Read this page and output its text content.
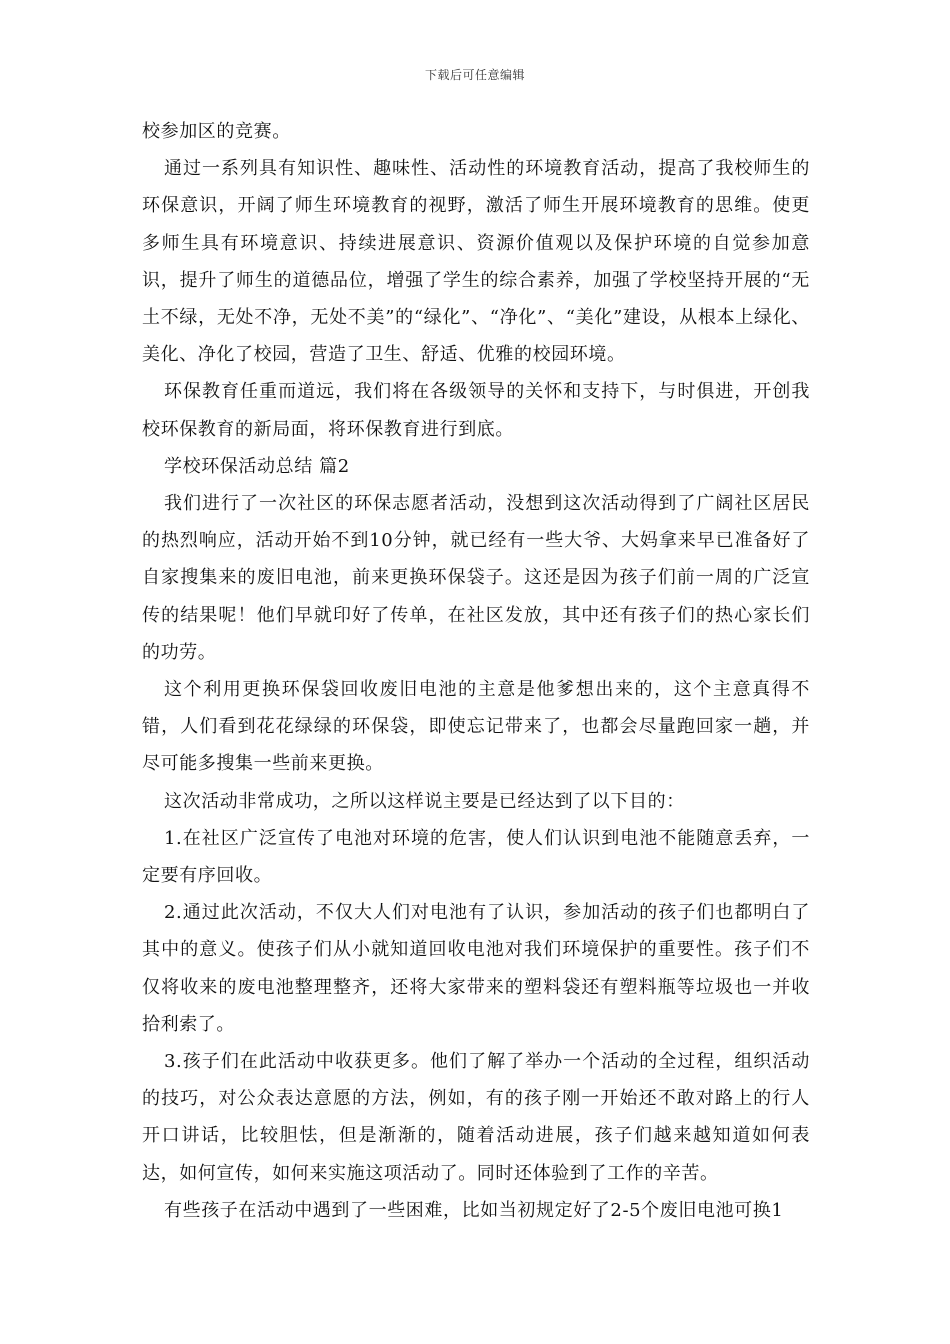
下载后可任意编辑

校参加区的竞赛。

通过一系列具有知识性、趣味性、活动性的环境教育活动，提高了我校师生的环保意识，开阔了师生环境教育的视野，激活了师生开展环境教育的思维。使更多师生具有环境意识、持续进展意识、资源价值观以及保护环境的自觉参加意识，提升了师生的道德品位，增强了学生的综合素养，加强了学校坚持开展的“无土不绿，无处不净，无处不美”的“绿化”、“净化”、“美化”建设，从根本上绿化、美化、净化了校园，营造了卫生、舒适、优雅的校园环境。

环保教育任重而道远，我们将在各级领导的关怀和支持下，与时俱进，开创我校环保教育的新局面，将环保教育进行到底。

学校环保活动总结 篇2

我们进行了一次社区的环保志愿者活动，没想到这次活动得到了广阔社区居民的热烈响应，活动开始不到10分钟，就已经有一些大爷、大妈拿来早已准备好了自家搜集来的废旧电池，前来更换环保袋子。这还是因为孩子们前一周的广泛宣传的结果呢！他们早就印好了传单，在社区发放，其中还有孩子们的热心家长们的功劳。

这个利用更换环保袋回收废旧电池的主意是他爹想出来的，这个主意真得不错，人们看到花花绿绿的环保袋，即使忘记带来了，也都会尽量跑回家一趟，并尽可能多搜集一些前来更换。

这次活动非常成功，之所以这样说主要是已经达到了以下目的：

1.在社区广泛宣传了电池对环境的危害，使人们认识到电池不能随意丢弃，一定要有序回收。

2.通过此次活动，不仅大人们对电池有了认识，参加活动的孩子们也都明白了其中的意义。使孩子们从小就知道回收电池对我们环境保护的重要性。孩子们不仅将收来的废电池整理整齐，还将大家带来的塑料袋还有塑料瓶等垃圾也一并收拾利索了。

3.孩子们在此活动中收获更多。他们了解了举办一个活动的全过程，组织活动的技巧，对公众表达意愿的方法，例如，有的孩子刚一开始还不敢对路上的行人开口讲话，比较胆怯，但是渐渐的，随着活动进展，孩子们越来越知道如何表达，如何宣传，如何来实施这项活动了。同时还体验到了工作的辛苦。

有些孩子在活动中遇到了一些困难，比如当初规定好了2-5个废旧电池可换1
